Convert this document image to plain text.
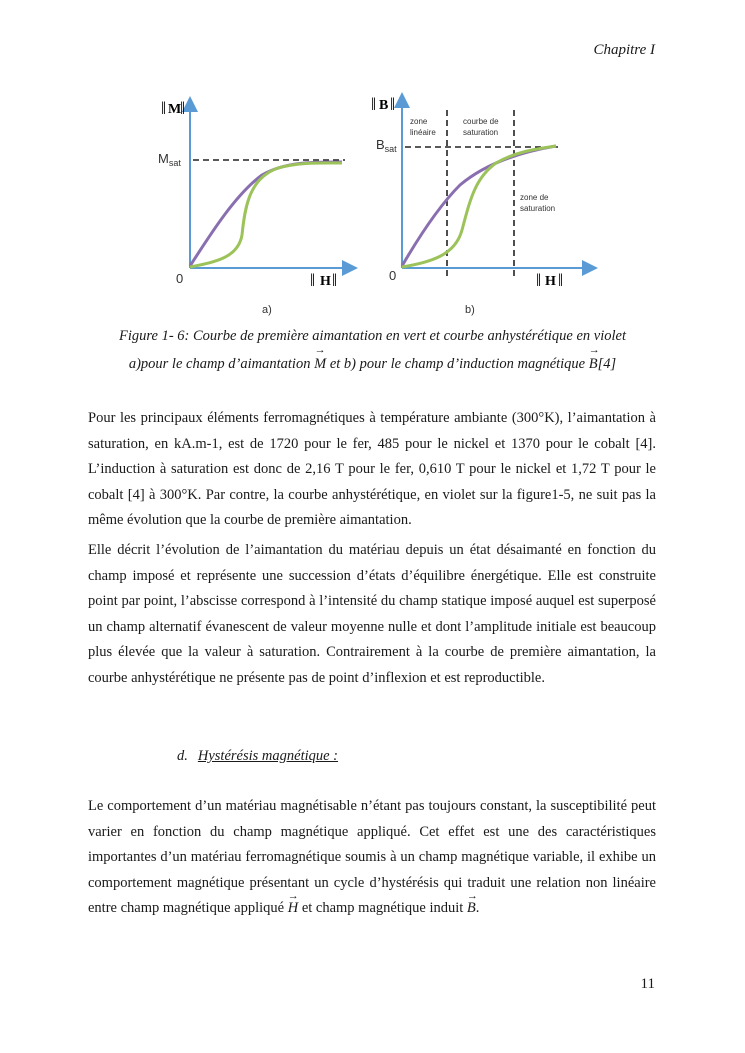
Chapitre I
M
‖ ‖
$M_{sat}$
0	‖ H ‖
a)
‖ B ‖
$B_{sat}$
0
zone
linéaire
courbe de
saturation
zone de
saturation
‖ H ‖
b)
Figure 1- 6: Courbe de première aimantation en vert et courbe anhystérétique en violet
a)pour le champ d’aimantation → M et b) pour le champ d’induction magnétique → B[4]

Pour les principaux éléments ferromagnétiques à température ambiante (300°K), l’aimantation à saturation, en kA.m-1, est de 1720 pour le fer, 485 pour le nickel et 1370 pour le cobalt [4]. L’induction à saturation est donc de 2,16 T pour le fer, 0,610 T pour le nickel et 1,72 T pour le cobalt [4] à 300°K. Par contre, la courbe anhystérétique, en violet sur la figure1-5, ne suit pas la même évolution que la courbe de première aimantation.

Elle décrit l’évolution de l’aimantation du matériau depuis un état désaimanté en fonction du champ imposé et représente une succession d’états d’équilibre énergétique. Elle est construite point par point, l’abscisse correspond à l’intensité du champ statique imposé auquel est superposé un champ alternatif évanescent de valeur moyenne nulle et dont l’amplitude initiale est beaucoup plus élevée que la valeur à saturation. Contrairement à la courbe de première aimantation, la courbe anhystérétique ne présente pas de point d’inflexion et est reproductible.

d. Hystérésis magnétique :

Le comportement d’un matériau magnétisable n’étant pas toujours constant, la susceptibilité peut varier en fonction du champ magnétique appliqué. Cet effet est une des caractéristiques importantes d’un matériau ferromagnétique soumis à un champ magnétique variable, il exhibe un comportement magnétique présentant un cycle d’hystérésis qui traduit une relation non linéaire entre champ magnétique appliqué → H et champ magnétique induit → B.

11
